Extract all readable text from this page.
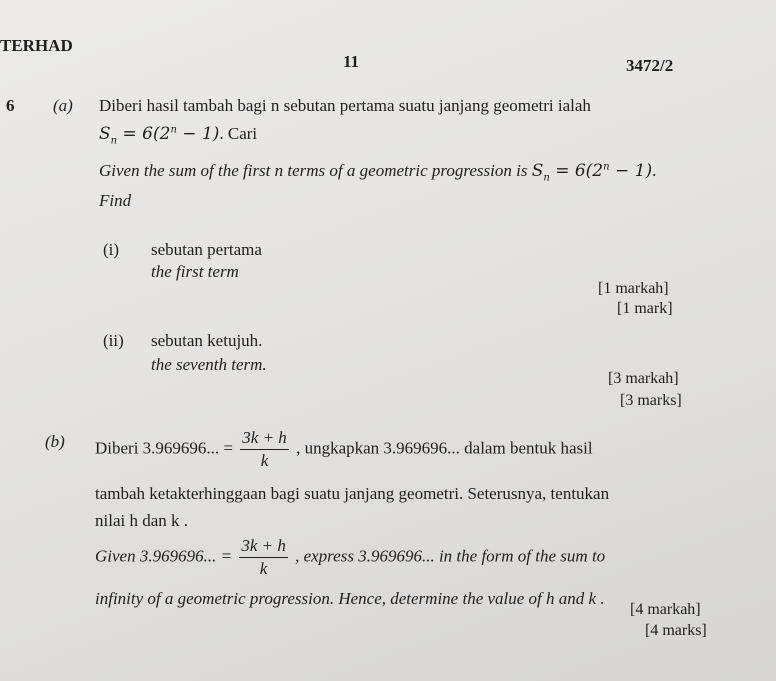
TERHAD
11	3472/2
6 (a) Diberi hasil tambah bagi n sebutan pertama suatu janjang geometri ialah
$S_n = 6(2^n - 1)$. Cari
Given the sum of the first n terms of a geometric progression is $S_n = 6(2^n - 1)$.
Find
(i) sebutan pertama
the first term
[1 markah]
[1 mark]
(ii) sebutan ketujuh.
the seventh term.
[3 markah]
[3 marks]
(b) Diberi 3.969696... = $\frac{3k + h}{k}$ , ungkapkan 3.969696... dalam bentuk hasil
tambah ketakterhinggaan bagi suatu janjang geometri. Seterusnya, tentukan
nilai h dan k .
Given 3.969696... = $\frac{3k + h}{k}$ , express 3.969696... in the form of the sum to
infinity of a geometric progression. Hence, determine the value of h and k .
[4 markah]
[4 marks]
